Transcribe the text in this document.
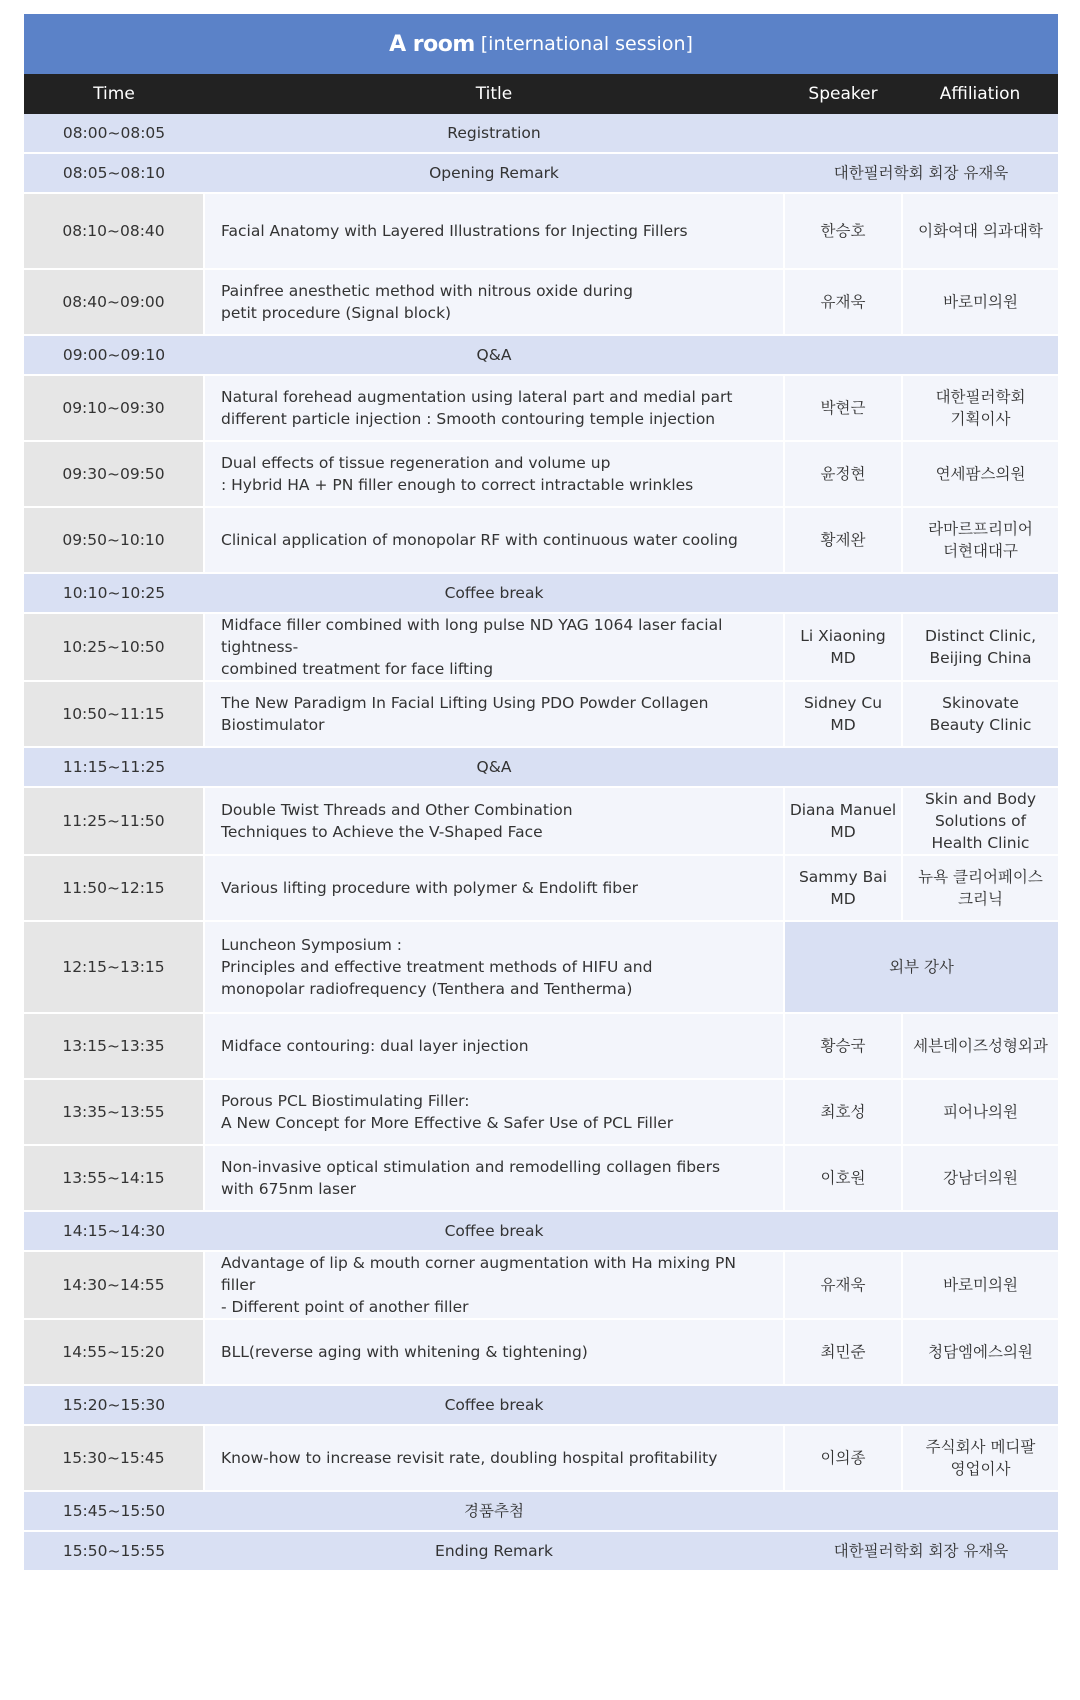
A room [international session]
Time	Title	Speaker	Affiliation
08:00~08:05	Registration		
08:05~08:10	Opening Remark	대한필러학회 회장 유재욱	
08:10~08:40	Facial Anatomy with Layered Illustrations for Injecting Fillers	한승호	이화여대 의과대학

08:40~09:00	Painfree anesthetic method with nitrous oxide during
petit procedure (Signal block)	유재욱	바로미의원

09:00~09:10	Q&A		
09:10~09:30	Natural forehead augmentation using lateral part and medial part
different particle injection : Smooth contouring temple injection	박현근	대한필러학회
기획이사

09:30~09:50	Dual effects of tissue regeneration and volume up
: Hybrid HA + PN filler enough to correct intractable wrinkles	윤정현	연세팜스의원

09:50~10:10	Clinical application of monopolar RF with continuous water cooling	황제완	라마르프리미어
더현대대구

10:10~10:25	Coffee break		
10:25~10:50	Midface filler combined with long pulse ND YAG 1064 laser facial tightness-
combined treatment for face lifting	Li Xiaoning
MD	Distinct Clinic,
Beijing China

10:50~11:15	The New Paradigm In Facial Lifting Using PDO Powder Collagen
Biostimulator	Sidney Cu
MD	Skinovate
Beauty Clinic

11:15~11:25	Q&A		
11:25~11:50	Double Twist Threads and Other Combination
Techniques to Achieve the V-Shaped Face	Diana Manuel
MD	Skin and Body
Solutions of
Health Clinic

11:50~12:15	Various lifting procedure with polymer & Endolift fiber	Sammy Bai
MD	뉴욕 클리어페이스
크리닉

12:15~13:15	Luncheon Symposium :
Principles and effective treatment methods of HIFU and
monopolar radiofrequency (Tenthera and Tentherma)	외부 강사	

13:15~13:35	Midface contouring: dual layer injection	황승국	세븐데이즈성형외과

13:35~13:55	Porous PCL Biostimulating Filler:
A New Concept for More Effective & Safer Use of PCL Filler	최호성	피어나의원

13:55~14:15	Non-invasive optical stimulation and remodelling collagen fibers
with 675nm laser	이호원	강남더의원

14:15~14:30	Coffee break		
14:30~14:55	Advantage of lip & mouth corner augmentation with Ha mixing PN filler
- Different point of another filler	유재욱	바로미의원

14:55~15:20	BLL(reverse aging with whitening & tightening)	최민준	청담엠에스의원

15:20~15:30	Coffee break		
15:30~15:45	Know-how to increase revisit rate, doubling hospital profitability	이의종	주식회사 메디팔
영업이사

15:45~15:50	경품추첨		
15:50~15:55	Ending Remark	대한필러학회 회장 유재욱	
